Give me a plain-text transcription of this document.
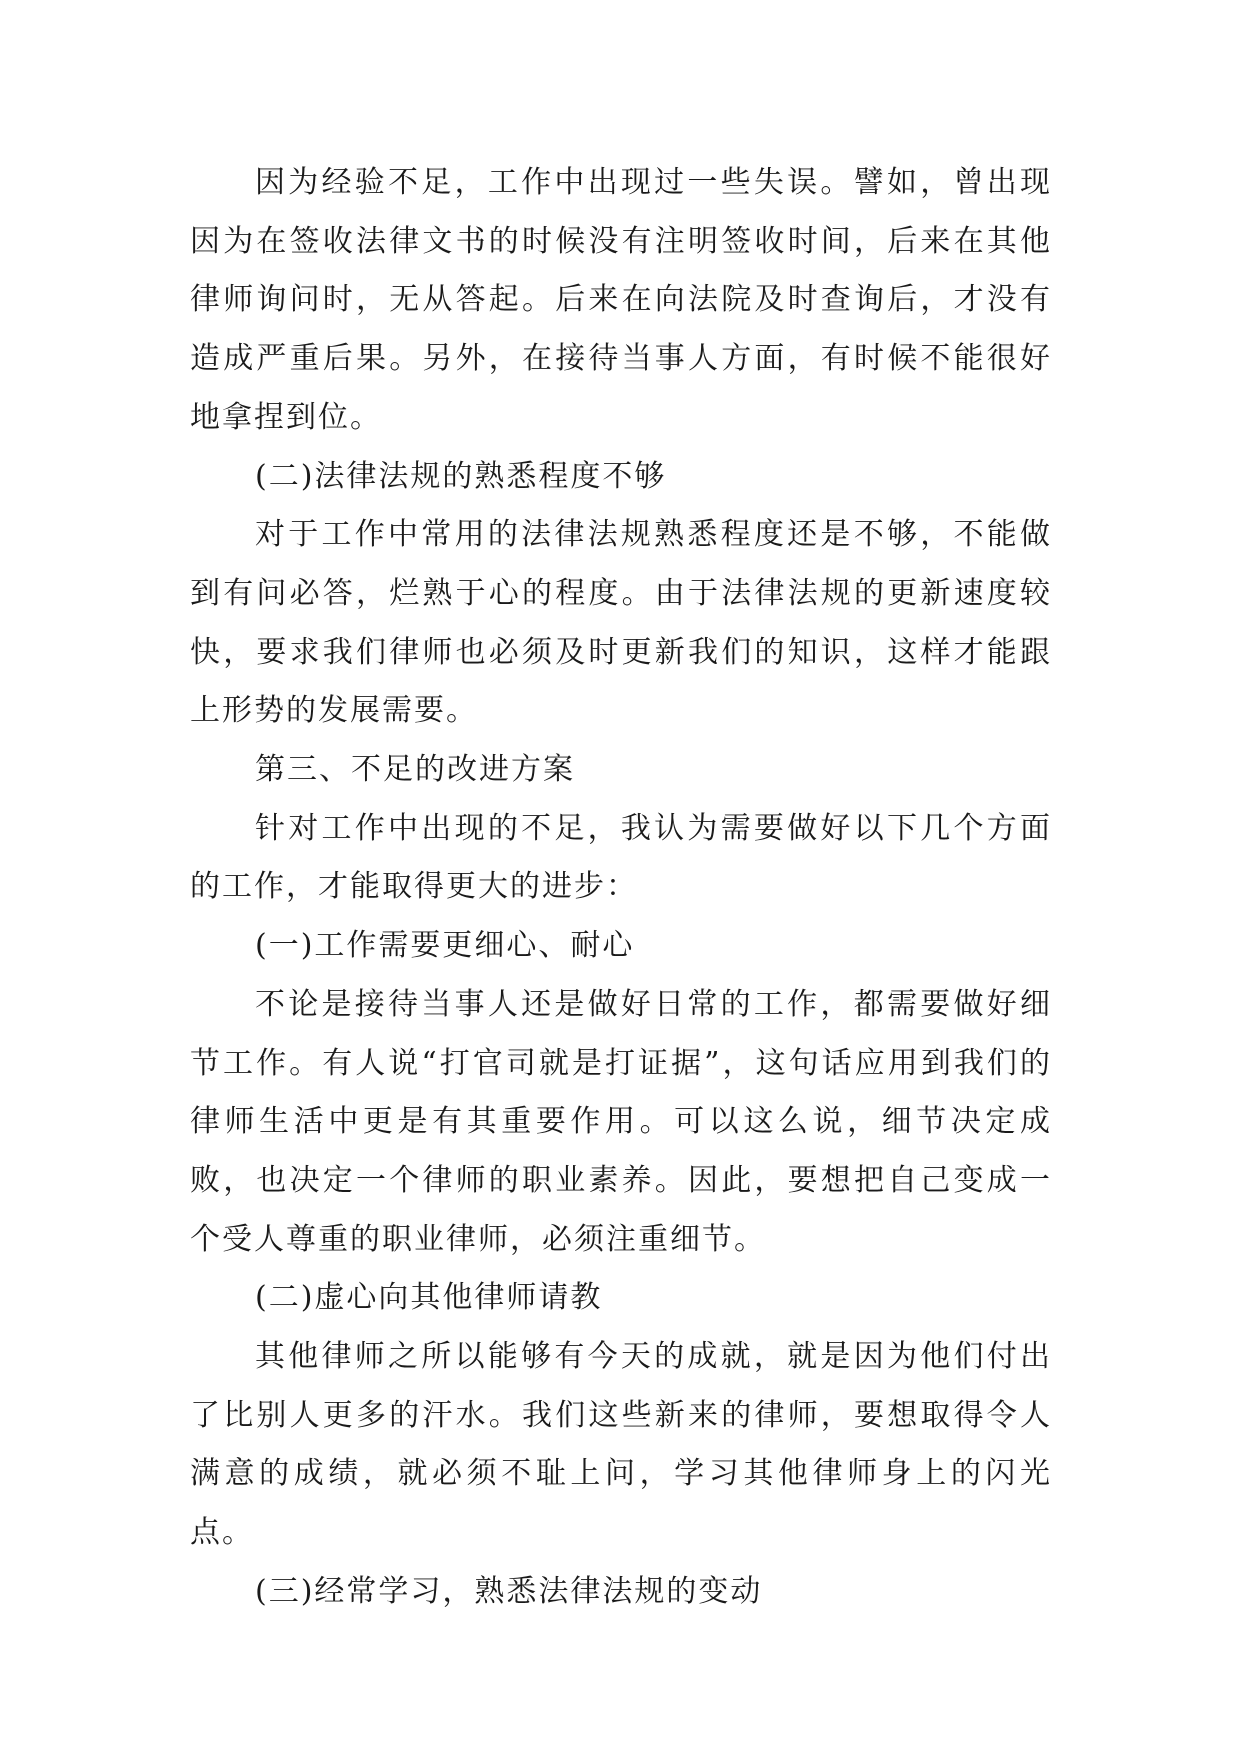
因为经验不足，工作中出现过一些失误。譬如，曾出现因为在签收法律文书的时候没有注明签收时间，后来在其他律师询问时，无从答起。后来在向法院及时查询后，才没有造成严重后果。另外，在接待当事人方面，有时候不能很好地拿捏到位。

(二)法律法规的熟悉程度不够

对于工作中常用的法律法规熟悉程度还是不够，不能做到有问必答，烂熟于心的程度。由于法律法规的更新速度较快，要求我们律师也必须及时更新我们的知识，这样才能跟上形势的发展需要。

第三、不足的改进方案

针对工作中出现的不足，我认为需要做好以下几个方面的工作，才能取得更大的进步：

(一)工作需要更细心、耐心

不论是接待当事人还是做好日常的工作，都需要做好细节工作。有人说“打官司就是打证据”，这句话应用到我们的律师生活中更是有其重要作用。可以这么说，细节决定成败，也决定一个律师的职业素养。因此，要想把自己变成一个受人尊重的职业律师，必须注重细节。

(二)虚心向其他律师请教

其他律师之所以能够有今天的成就，就是因为他们付出了比别人更多的汗水。我们这些新来的律师，要想取得令人满意的成绩，就必须不耻上问，学习其他律师身上的闪光点。

(三)经常学习，熟悉法律法规的变动
